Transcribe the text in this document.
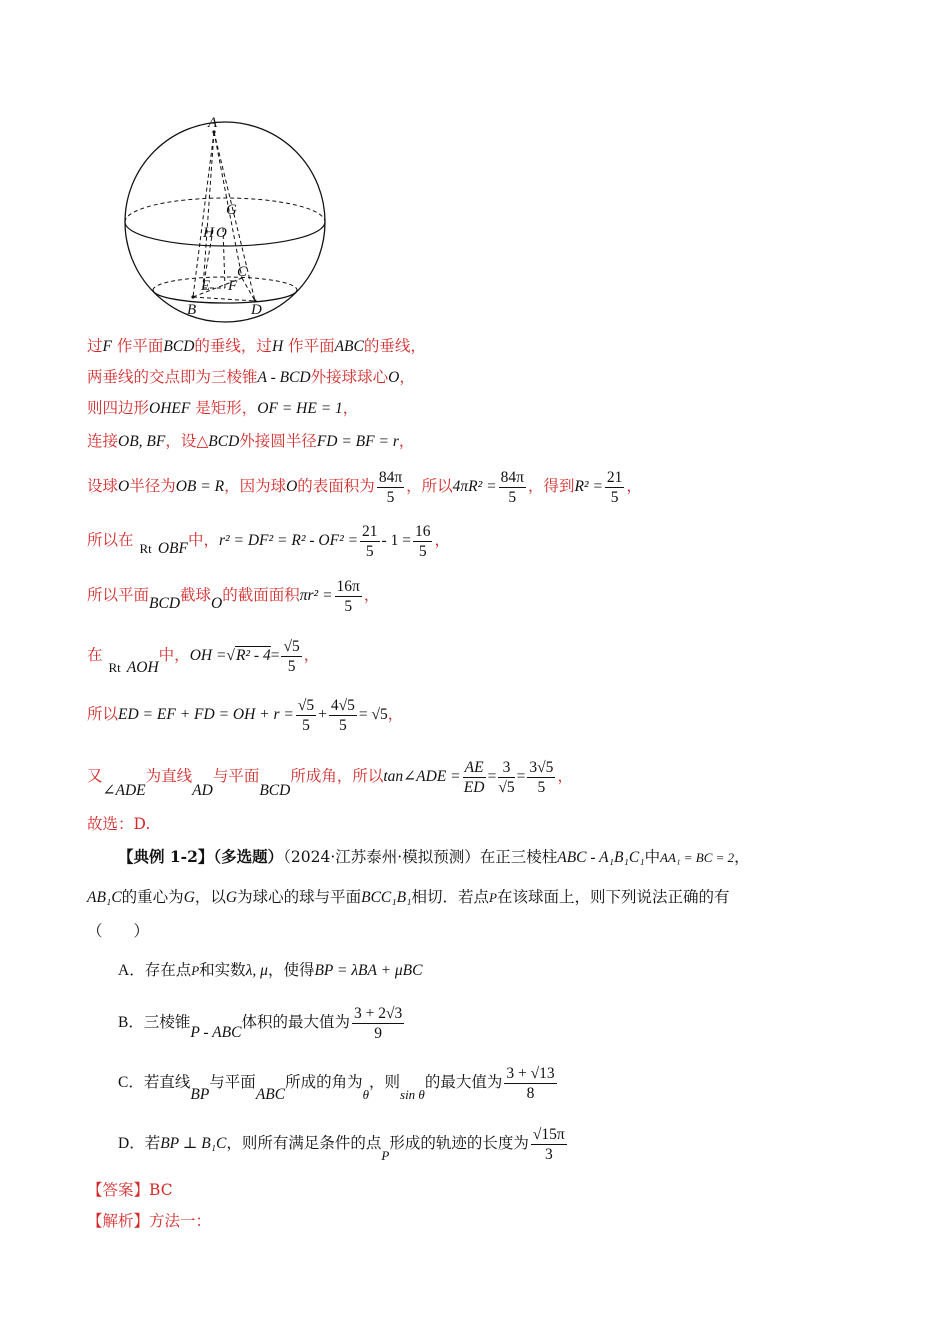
A
G
H O
C
E F
B	D
过F 作平面BCD的垂线，过H 作平面ABC的垂线，
两垂线的交点即为三棱锥A - BCD外接球球心O，
则四边形OHEF 是矩形，OF = HE = 1，
连接OB, BF，设△BCD外接圆半径FD = BF = r，
设球O半径为OB = R，因为球O的表面积为 $\frac{84\pi}{5}$ ，所以$4\pi R^2 = \frac{84\pi}{5}$ ，得到$R^2 = \frac{21}{5}$ ，
所以在 $_{Rt}$ OBF中，$r^2 = DF^2 = R^2 - OF^2 = \frac{21}{5} - 1 = \frac{16}{5}$ ，
所以平面BCD截球O的截面面积$\pi r^2 = \frac{16\pi}{5}$ ，
在$_{Rt}$ AOH中，OH $=√R^2 - 4= \frac{√5}{5}$ ，
所以ED = EF + FD = OH + $r = \frac{√5}{5} + \frac{4√5}{5} = √5$，
又∠ADE为直线AD与平面BCD所成角，所以tan∠ADE = $\frac{AE}{ED} = \frac{3}{√5} = \frac{3√5}{5}$ ，
故选：D.
【典例 1-2】（多选题）（2024·江苏泰州·模拟预测）在正三棱柱ABC - A₁B₁C₁中AA₁ = BC = 2，
AB₁C的重心为G，以G为球心的球与平面BCC₁B₁相切．若点P在该球面上，则下列说法正确的有
（　　）
A．存在点P和实数λ, μ，使得BP = λBA + μBC
B．三棱锥P - ABC体积的最大值为 $\frac{3 + 2√3}{9}$
C．若直线BP与平面ABC所成的角为$_\theta$，则$_{sin \theta}$的最大值为 $\frac{3 + √13}{8}$
D．若BP ⊥ B₁C，则所有满足条件的点$_P$形成的轨迹的长度为 $\frac{√15\pi}{3}$
【答案】BC
【解析】方法一：
